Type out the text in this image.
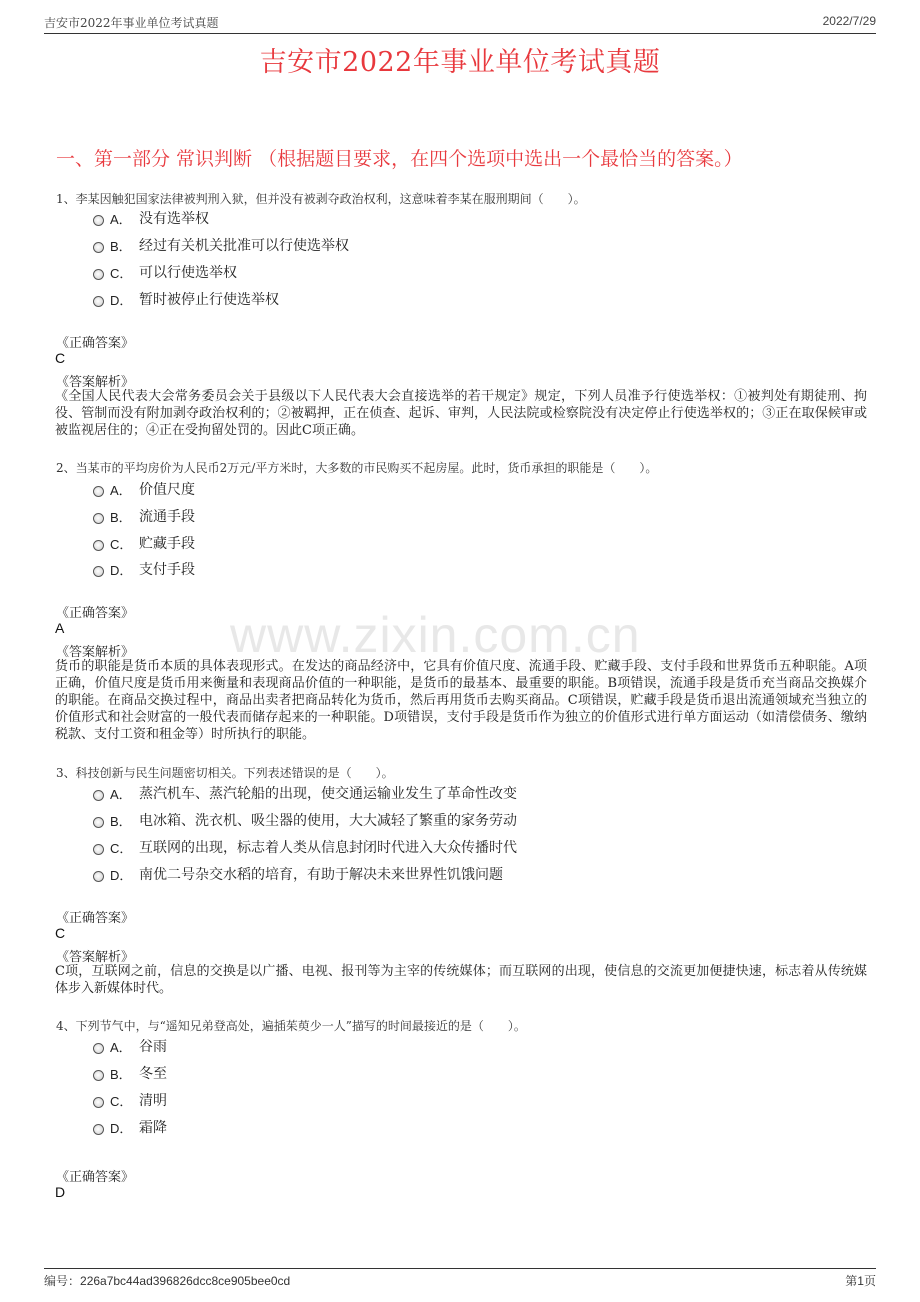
吉安市2022年事业单位考试真题	2022/7/29
吉安市2022年事业单位考试真题
一、第一部分 常识判断 （根据题目要求，在四个选项中选出一个最恰当的答案。）
www.zixin.com.cn
1、李某因触犯国家法律被判刑入狱，但并没有被剥夺政治权利，这意味着李某在服刑期间（　　）。
A． 没有选举权
B． 经过有关机关批准可以行使选举权
C． 可以行使选举权
D． 暂时被停止行使选举权
《正确答案》
C
《答案解析》
《全国人民代表大会常务委员会关于县级以下人民代表大会直接选举的若干规定》规定，下列人员准予行使选举权：①被判处有期徒刑、拘役、管制而没有附加剥夺政治权利的；②被羁押，正在侦查、起诉、审判，人民法院或检察院没有决定停止行使选举权的；③正在取保候审或被监视居住的；④正在受拘留处罚的。因此C项正确。
2、当某市的平均房价为人民币2万元/平方米时，大多数的市民购买不起房屋。此时，货币承担的职能是（　　）。
A． 价值尺度
B． 流通手段
C． 贮藏手段
D． 支付手段
《正确答案》
A
《答案解析》
货币的职能是货币本质的具体表现形式。在发达的商品经济中，它具有价值尺度、流通手段、贮藏手段、支付手段和世界货币五种职能。A项正确，价值尺度是货币用来衡量和表现商品价值的一种职能，是货币的最基本、最重要的职能。B项错误，流通手段是货币充当商品交换媒介的职能。在商品交换过程中，商品出卖者把商品转化为货币，然后再用货币去购买商品。C项错误，贮藏手段是货币退出流通领域充当独立的价值形式和社会财富的一般代表而储存起来的一种职能。D项错误，支付手段是货币作为独立的价值形式进行单方面运动（如清偿债务、缴纳税款、支付工资和租金等）时所执行的职能。
3、科技创新与民生问题密切相关。下列表述错误的是（　　）。
A． 蒸汽机车、蒸汽轮船的出现，使交通运输业发生了革命性改变
B． 电冰箱、洗衣机、吸尘器的使用，大大减轻了繁重的家务劳动
C． 互联网的出现，标志着人类从信息封闭时代进入大众传播时代
D． 南优二号杂交水稻的培育，有助于解决未来世界性饥饿问题
《正确答案》
C
《答案解析》
C项，互联网之前，信息的交换是以广播、电视、报刊等为主宰的传统媒体；而互联网的出现，使信息的交流更加便捷快速，标志着从传统媒体步入新媒体时代。
4、下列节气中，与“遥知兄弟登高处，遍插茱萸少一人”描写的时间最接近的是（　　）。
A． 谷雨
B． 冬至
C． 清明
D． 霜降
《正确答案》
D
编号：226a7bc44ad396826dcc8ce905bee0cd	第1页
